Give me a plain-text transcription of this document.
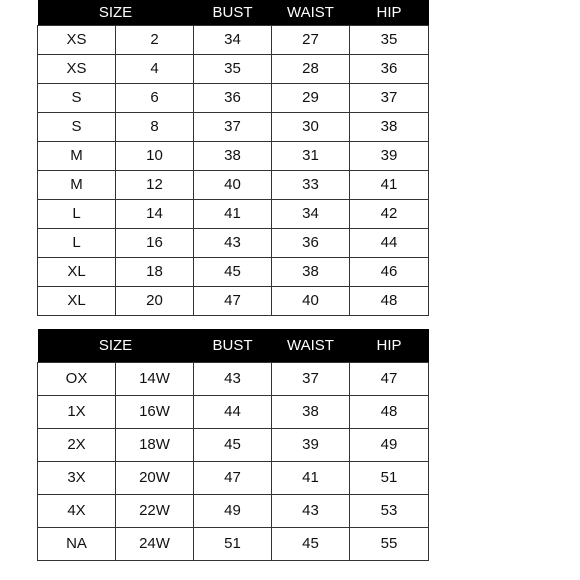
SIZE		BUST	WAIST	HIP
XS	2	34	27	35
XS	4	35	28	36
S	6	36	29	37
S	8	37	30	38
M	10	38	31	39
M	12	40	33	41
L	14	41	34	42
L	16	43	36	44
XL	18	45	38	46
XL	20	47	40	48
SIZE		BUST	WAIST	HIP
OX	14W	43	37	47
1X	16W	44	38	48
2X	18W	45	39	49
3X	20W	47	41	51
4X	22W	49	43	53
NA	24W	51	45	55
